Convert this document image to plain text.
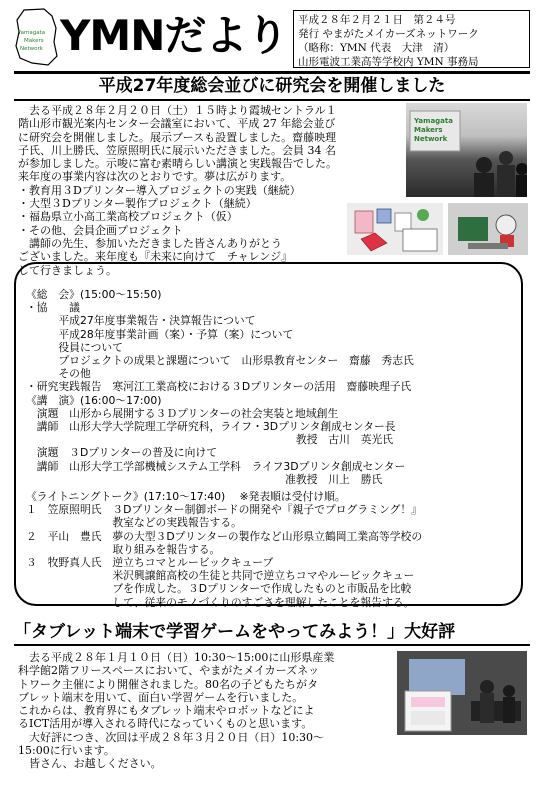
Yamagata
Makers
Network YMNだより 平成２８年２月２１日　第２４号
発行 やまがたメイカーズネットワーク
（略称：YMN 代表　大津　清）
山形電波工業高等学校内 YMN 事務局
平成27年度総会並びに研究会を開催しました
　去る平成２８年２月２０日（土）１５時より霞城セントラル１
階山形市観光案内センター会議室において、平成 27 年総会並び
に研究会を開催しました。展示ブースも設置しました。齋藤映理
子氏、川上勝氏、笠原照明氏に展示いただきました。会員 34 名
が参加しました。示唆に富む素晴らしい講演と実践報告でした。
来年度の事業内容は次のとおりです。夢は広がります。
・教育用３Dプリンター導入プロジェクトの実践（継続）
・大型３Dプリンター製作プロジェクト（継続）
・福島県立小高工業高校プロジェクト（仮）
・その他、会員企画プロジェクト
　講師の先生、参加いただきました皆さんありがとう
ございました。来年度も『未来に向けて　チャレンジ』
して行きましょう。
Yamagata
Makers
Network
《総　会》(15:00～15:50)
・協　　議
　　　平成27年度事業報告・決算報告について
　　　平成28年度事業計画（案）・予算（案）について
　　　役員について
　　　プロジェクトの成果と課題について　山形県教育センター　齋藤　秀志氏
　　　その他
・研究実践報告　寒河江工業高校における３Dプリンターの活用　齋藤映理子氏
《講　演》(16:00～17:00)
　演題　山形から展開する３Ｄプリンターの社会実装と地域創生
　講師　山形大学大学院理工学研究科，ライフ・3Dプリンタ創成センター長
　　　　　　　　　　　　　　　　　　　　　　　　　教授　古川　英光氏
　演題　３Dプリンターの普及に向けて
　講師　山形大学工学部機械システム工学科　ライフ3Dプリンタ創成センター
　　　　　　　　　　　　　　　　　　　　　　　　准教授　川上　勝氏
《ライトニングトーク》(17:10～17:40)　 ※発表順は受付け順。
１　笠原照明氏　３Dプリンター制御ボードの開発や『親子でプログラミング！』
　　　　　　　　教室などの実践報告する。
２　平山　豊氏　夢の大型３Dプリンターの製作など山形県立鶴岡工業高等学校の
　　　　　　　　取り組みを報告する。
３　牧野真人氏　逆立ちコマとルービックキューブ
　　　　　　　　米沢興譲館高校の生徒と共同で逆立ちコマやルービックキュー
　　　　　　　　ブを作成した。３Dプリンターで作成したものと市販品を比較
　　　　　　　　して、従来のモノづくりのすごさを理解したことを報告する。
「タブレット端末で学習ゲームをやってみよう！」大好評
　去る平成２８年１月１０日（日）10:30～15:00に山形県産業
科学館2階フリースペースにおいて、やまがたメイカーズネッ
トワーク主催により開催されました。80名の子どもたちがタ
ブレット端末を用いて、面白い学習ゲームを行いました。
これからは、教育界にもタブレット端末やロボットなどによ
るICT活用が導入される時代になっていくものと思います。
　大好評につき、次回は平成２８年３月２０日（日）10:30～
15:00に行います。
　皆さん、お越しください。
